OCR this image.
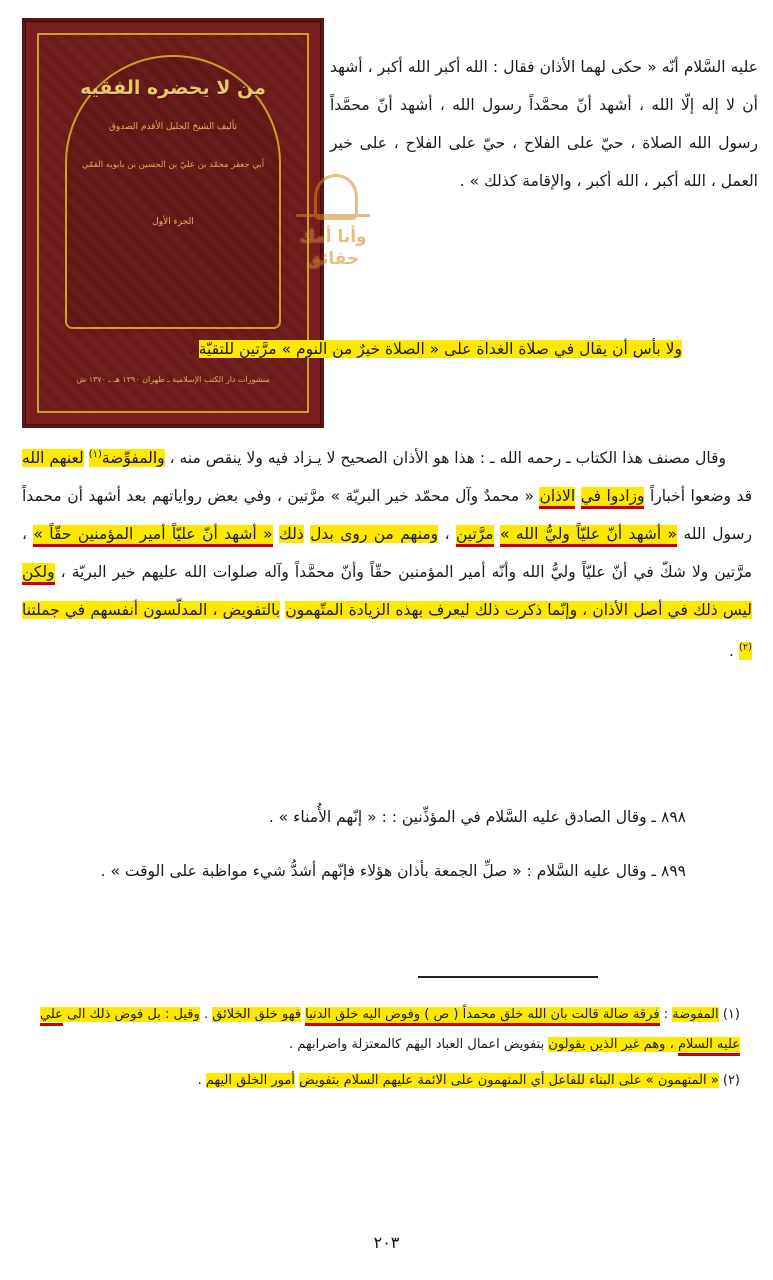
من لا يحضره الفقيه
تأليف الشيخ الجليل الأقدم الصدوق
أبي جعفر محمّد بن عليّ بن الحسين بن بابويه القمّي
الجزء الأول
منشورات دار الكتب الإسلامية ـ طهران ١٣٩٠ هـ ـ ١٣٧٠ ش
وأنا أمك
حقائق

عليه السَّلام أنّه « حكى لهما الأذان فقال : الله أكبر الله أكبر ، أشهد أن لا إله إلّا الله ، أشهد أنّ محمَّداً رسول الله ، أشهد أنّ محمَّداً رسول الله الصلاة ، حيّ على الفلاح ، حيّ على الفلاح ، على خير العمل ، الله أكبر ، الله أكبر ، والإقامة كذلك » .

ولا بأس أن يقال في صلاة الغداة على « الصلاة خيرٌ من النوم » مرَّتين للتقيّة .

وقال مصنف هذا الكتاب ـ رحمه الله ـ : هذا هو الأذان الصحيح لا يـزاد فيه ولا ينقص منه ، والمفوِّضة$^{(١)}$ لعنهم الله قد وضعوا أخباراً وزادوا في الاذان « محمدٌ وآل محمّد خير البريّة » مرَّتين ، وفي بعض رواياتهم بعد أشهد أن محمداً رسول الله « أشهد أنّ عليّاً وليُّ الله » مرَّتين ، ومنهم من روى بدل ذلك « أشهد أنّ عليّاً أمير المؤمنين حقّاً » ، مرَّتين ولا شكّ في أنّ عليّاً وليُّ الله وأنّه أمير المؤمنين حقّاً وأنّ محمَّداً وآله صلوات الله عليهم خير البريّة ، ولكن ليس ذلك في أصل الأذان ، وإنّما ذكرت ذلك ليعرف بهذه الزيادة المتّهمون بالتفويض ، المدلّسون أنفسهم في جملتنا $^{(٢)}$ .

٨٩٨ ـ وقال الصادق عليه السَّلام في المؤذِّنين : : « إنّهم الأُمناء » .

٨٩٩ ـ وقال عليه السَّلام : « صلِّ الجمعة بأذان هؤلاء فإنّهم أشدُّ شيء مواظبة على الوقت » .

(١) المفوضة : فرقة ضالة قالت بان الله خلق محمداً ( ص ) وفوض اليه خلق الدنيا فهو خلق الخلائق . وقيل : بل فوض ذلك الى علي عليه السلام ، وهم غير الذين يقولون بتفويض اعمال العباد اليهم كالمعتزلة واضرابهم .

(٢) « المتهمون » على البناء للفاعل أي المتهمون على الائمة عليهم السلام بتفويض أمور الخلق اليهم .

٢٠٣
